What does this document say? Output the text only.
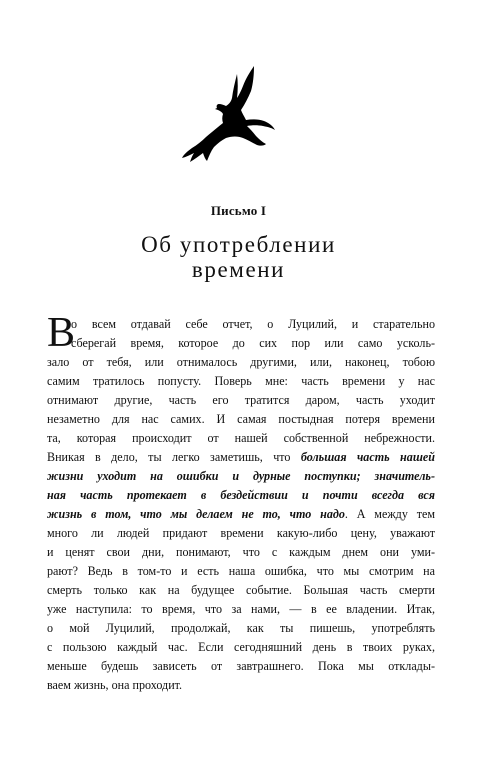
Письмо I
Об употреблении
времени
В
о всем отдавай себе отчет, о Луцилий, и старательно
сберегай время, которое до сих пор или само усколь-
зало от тебя, или отнималось другими, или, наконец, тобою
самим тратилось попусту. Поверь мне: часть времени у нас
отнимают другие, часть его тратится даром, часть уходит
незаметно для нас самих. И самая постыдная потеря времени
та, которая происходит от нашей собственной небрежности.
Вникая в дело, ты легко заметишь, что большая часть нашей
жизни уходит на ошибки и дурные поступки; значитель-
ная часть протекает в бездействии и почти всегда вся
жизнь в том, что мы делаем не то, что надо. А между тем
много ли людей придают времени какую-либо цену, уважают
и ценят свои дни, понимают, что с каждым днем они уми-
рают? Ведь в том-то и есть наша ошибка, что мы смотрим на
смерть только как на будущее событие. Большая часть смерти
уже наступила: то время, что за нами, — в ее владении. Итак,
о мой Луцилий, продолжай, как ты пишешь, употреблять
с пользою каждый час. Если сегодняшний день в твоих руках,
меньше будешь зависеть от завтрашнего. Пока мы отклады-
ваем жизнь, она проходит.
